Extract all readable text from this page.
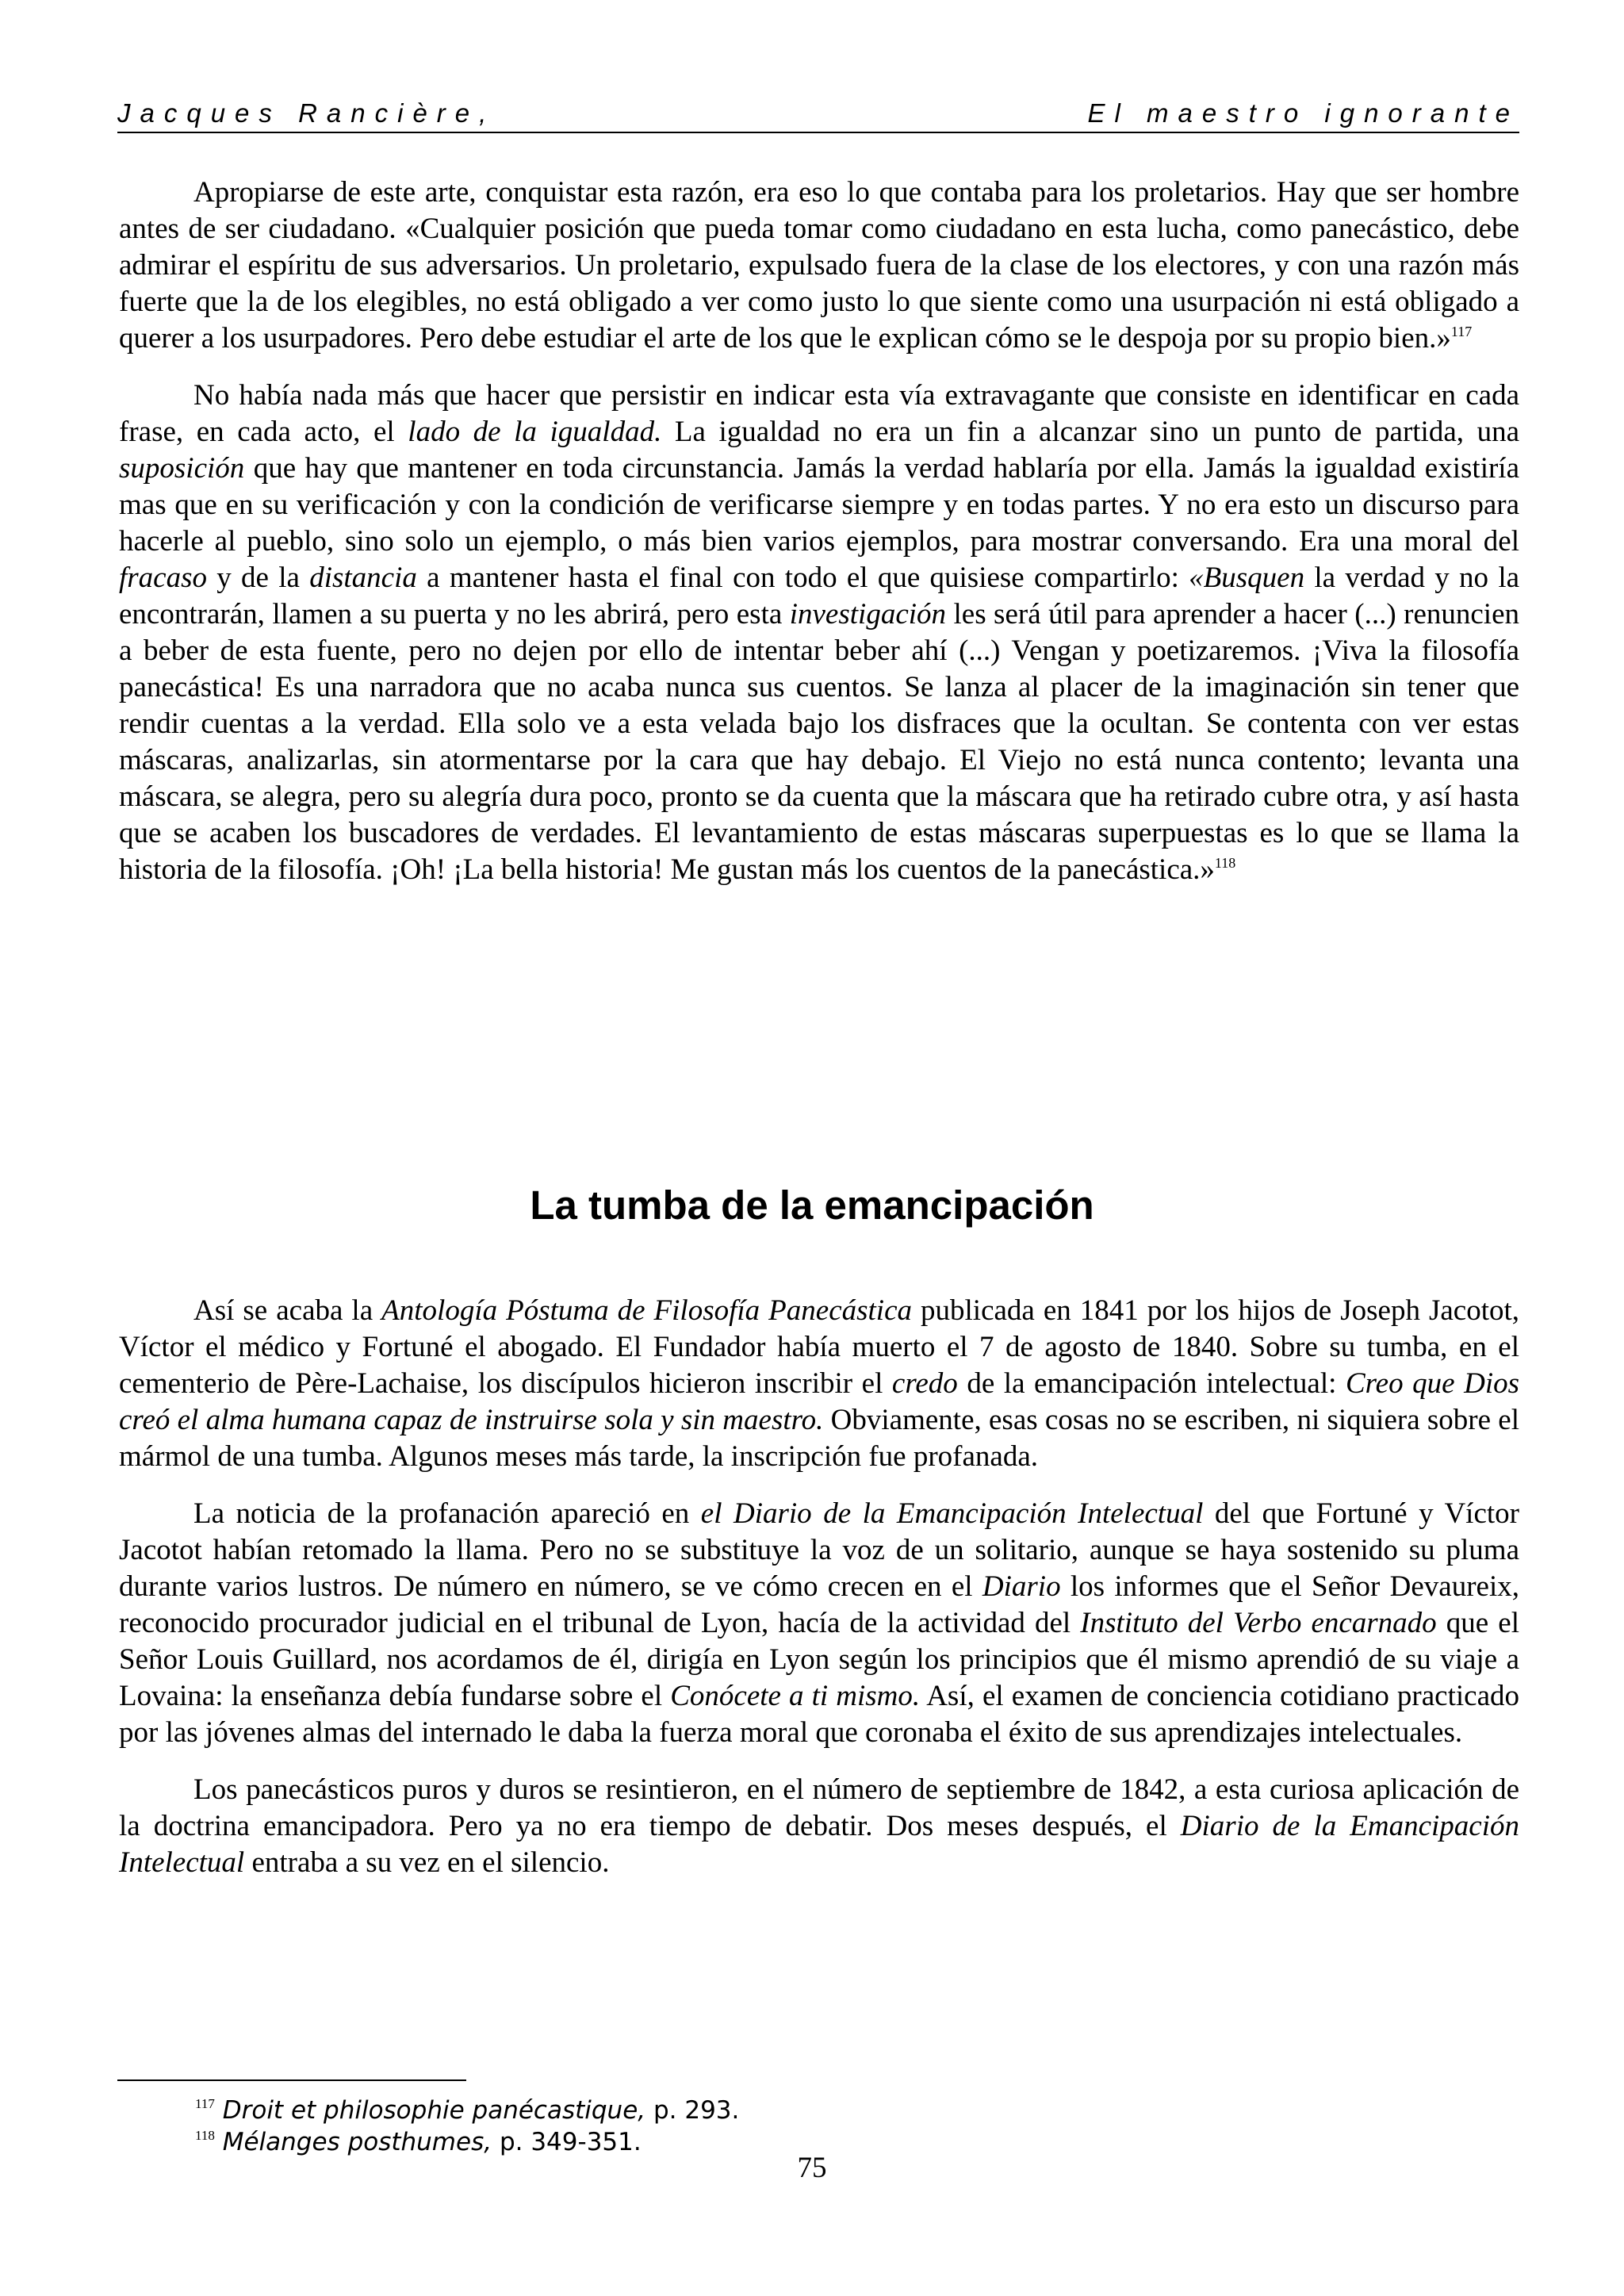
Jacques Rancière,	El maestro ignorante

Apropiarse de este arte, conquistar esta razón, era eso lo que contaba para los proletarios. Hay que ser hombre antes de ser ciudadano. «Cualquier posición que pueda tomar como ciudadano en esta lucha, como panecástico, debe admirar el espíritu de sus adversarios. Un proletario, expulsado fuera de la clase de los electores, y con una razón más fuerte que la de los elegibles, no está obligado a ver como justo lo que siente como una usurpación ni está obligado a querer a los usurpadores. Pero debe estudiar el arte de los que le explican cómo se le despoja por su propio bien.»$^{117}$

No había nada más que hacer que persistir en indicar esta vía extravagante que consiste en identificar en cada frase, en cada acto, el lado de la igualdad. La igualdad no era un fin a alcanzar sino un punto de partida, una suposición que hay que mantener en toda circunstancia. Jamás la verdad hablaría por ella. Jamás la igualdad existiría mas que en su verificación y con la condición de verificarse siempre y en todas partes. Y no era esto un discurso para hacerle al pueblo, sino solo un ejemplo, o más bien varios ejemplos, para mostrar conversando. Era una moral del fracaso y de la distancia a mantener hasta el final con todo el que quisiese compartirlo: «Busquen la verdad y no la encontrarán, llamen a su puerta y no les abrirá, pero esta investigación les será útil para aprender a hacer (...) renuncien a beber de esta fuente, pero no dejen por ello de intentar beber ahí (...) Vengan y poetizaremos. ¡Viva la filosofía panecástica! Es una narradora que no acaba nunca sus cuentos. Se lanza al placer de la imaginación sin tener que rendir cuentas a la verdad. Ella solo ve a esta velada bajo los disfraces que la ocultan. Se contenta con ver estas máscaras, analizarlas, sin atormentarse por la cara que hay debajo. El Viejo no está nunca contento; levanta una máscara, se alegra, pero su alegría dura poco, pronto se da cuenta que la máscara que ha retirado cubre otra, y así hasta que se acaben los buscadores de verdades. El levantamiento de estas máscaras superpuestas es lo que se llama la historia de la filosofía. ¡Oh! ¡La bella historia! Me gustan más los cuentos de la panecástica.»$^{118}$

La tumba de la emancipación

Así se acaba la Antología Póstuma de Filosofía Panecástica publicada en 1841 por los hijos de Joseph Jacotot, Víctor el médico y Fortuné el abogado. El Fundador había muerto el 7 de agosto de 1840. Sobre su tumba, en el cementerio de Père-Lachaise, los discípulos hicieron inscribir el credo de la emancipación intelectual: Creo que Dios creó el alma humana capaz de instruirse sola y sin maestro. Obviamente, esas cosas no se escriben, ni siquiera sobre el mármol de una tumba. Algunos meses más tarde, la inscripción fue profanada.

La noticia de la profanación apareció en el Diario de la Emancipación Intelectual del que Fortuné y Víctor Jacotot habían retomado la llama. Pero no se substituye la voz de un solitario, aunque se haya sostenido su pluma durante varios lustros. De número en número, se ve cómo crecen en el Diario los informes que el Señor Devaureix, reconocido procurador judicial en el tribunal de Lyon, hacía de la actividad del Instituto del Verbo encarnado que el Señor Louis Guillard, nos acordamos de él, dirigía en Lyon según los principios que él mismo aprendió de su viaje a Lovaina: la enseñanza debía fundarse sobre el Conócete a ti mismo. Así, el examen de conciencia cotidiano practicado por las jóvenes almas del internado le daba la fuerza moral que coronaba el éxito de sus aprendizajes intelectuales.

Los panecásticos puros y duros se resintieron, en el número de septiembre de 1842, a esta curiosa aplicación de la doctrina emancipadora. Pero ya no era tiempo de debatir. Dos meses después, el Diario de la Emancipación Intelectual entraba a su vez en el silencio.

$^{117}$ Droit et philosophie panécastique, p. 293.

$^{118}$ Mélanges posthumes, p. 349-351.

75
